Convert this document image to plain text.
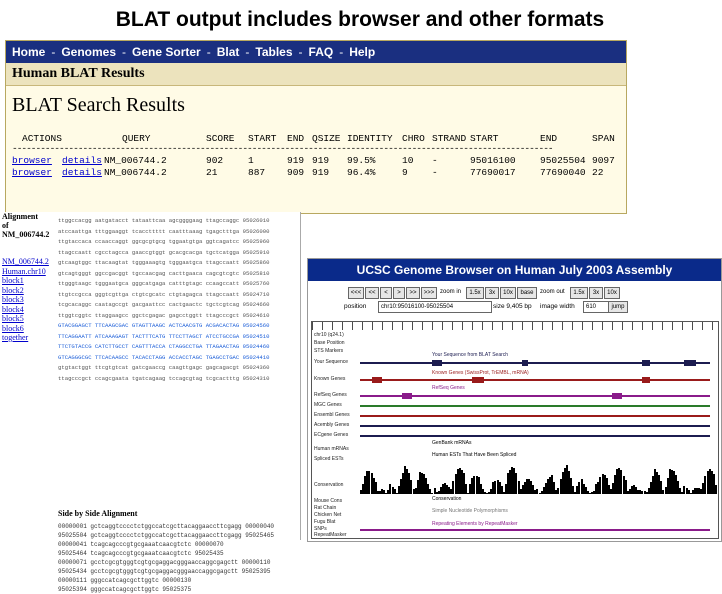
BLAT output includes browser and other formats
Home - Genomes - Gene Sorter - Blat - Tables - FAQ - Help
Human BLAT Results
BLAT Search Results
ACTIONS	QUERY	SCORE START END QSIZE IDENTITY CHRO STRAND START	END	SPAN
-------------------------------------------------------------------------------------------------------------------
browser details NM_006744.2	902	1	919 919 99.5%	10 -	95016100	95025504 9097
browser details NM_006744.2	21	887 909 919 96.4%	9	-	77690017	77690040 22
Alignment
of
NM_006744.2
NM_006744.2
Human.chr10
block1
block2
block3
block4
block5
block6
together
ttggccacgg aatgatacct tataattcaa agcggggaag ttagccaggc 95026010
atccaattga tttggaaggt tcaccttttt caatttaaag tgagctttga 95026000
ttgtaccaca ccaaccaggt ggcgcgtgcg tggaatgtga ggtcagatcc 95025960
ttagccaatt cgcctagcca gaaccgtggt gcacgcacga tgctcatgga 95025910
gtcaagtggc ttacaagtat tgggaaagtg tgggaatgca ttagccaatt 95025860
gtcagtgggt ggccgacggt tgccaacgag cacttgaaca cagcgtcgtc 95025810
ttgggtaagc tgggaatgca gggcatgaga catttgtagc ccaagccatt 95025760
ttgtccgcca gggtcgttga ctgtcgcatc ctgtagagca ttagccaatt 95024710
tcgcacaggc caatagccgt gacgaattcc cactgaactc tgctcgtcag 95024660
ttggtcggtc ttaggaagcc ggctcgagac gagcctggtt ttagcccgct 95024610
GTACGGAGCT TTCAAGCGAC GTAGTTAAGC ACTCAACGTG ACGACACTAG 95024560
TTCAGGAATT ATCAAAGAGT TACTTTCATG TTCCTTAGCT ATCCTGCCGA 95024510
TTCTGTACCG CATCTTGCCT CAGTTTACCA CTAGGCCTGA TTAGAACTAG 95024460
GTCAGGGCGC TTCACAAGCC TACACCTAGG ACCACCTAGC TGAGCCTGAC 95024410
gtgtactggt ttcgtgtcat gatcgaaccg caagttgagc gagcagacgt 95024360
ttagcccgct ccagcgaata tgatcagaag tccagcgtag tcgcactttg 95024310
Side by Side Alignment
00000001 gctcaggtcccctctggccatcgcttacaggaaccttcgagg 00000040
95025504 gctcaggtcccctctggccatcgcttacaggaaccttcgagg 95025465
00000041 tcagcagcccgtgcgaaatcaacgtctc 00000070
95025464 tcagcagcccgtgcgaaatcaacgtctc 95025435
00000071 gcctcgcgtgggtcgtgcgaggacgggaaccaggcgagctt 00000110
95025434 gcctcgcgtgggtcgtgcgaggacgggaaccaggcgagctt 95025395
00000111 gggccatcagcgcttggtc 00000130
95025394 gggccatcagcgcttggtc 95025375
UCSC Genome Browser on Human July 2003 Assembly
<<<	<<	<	>	>>	>>> zoom in	1.5x	3x	10x	base	zoom out	1.5x	3x	10x
position	chr10:95016100-95025504	size 9,405 bp image width	610	jump
chr10 (q24.1)
Base Position
STS Markers
Your Sequence from BLAT Search
Your Sequence
Known Genes (SwissProt, TrEMBL, mRNA)
Known Genes
RefSeq Genes
RefSeq Genes
MGC Genes
Ensembl Genes
Acembly Genes
ECgene Genes
GenBank mRNAs
Human mRNAs
Human ESTs That Have Been Spliced
Spliced ESTs
Conservation
Conservation
Mouse Cons
Rat Chain
Chicken Net
Fugu Blat
Simple Nucleotide Polymorphisms
SNPs
Repeating Elements by RepeatMasker
RepeatMasker
